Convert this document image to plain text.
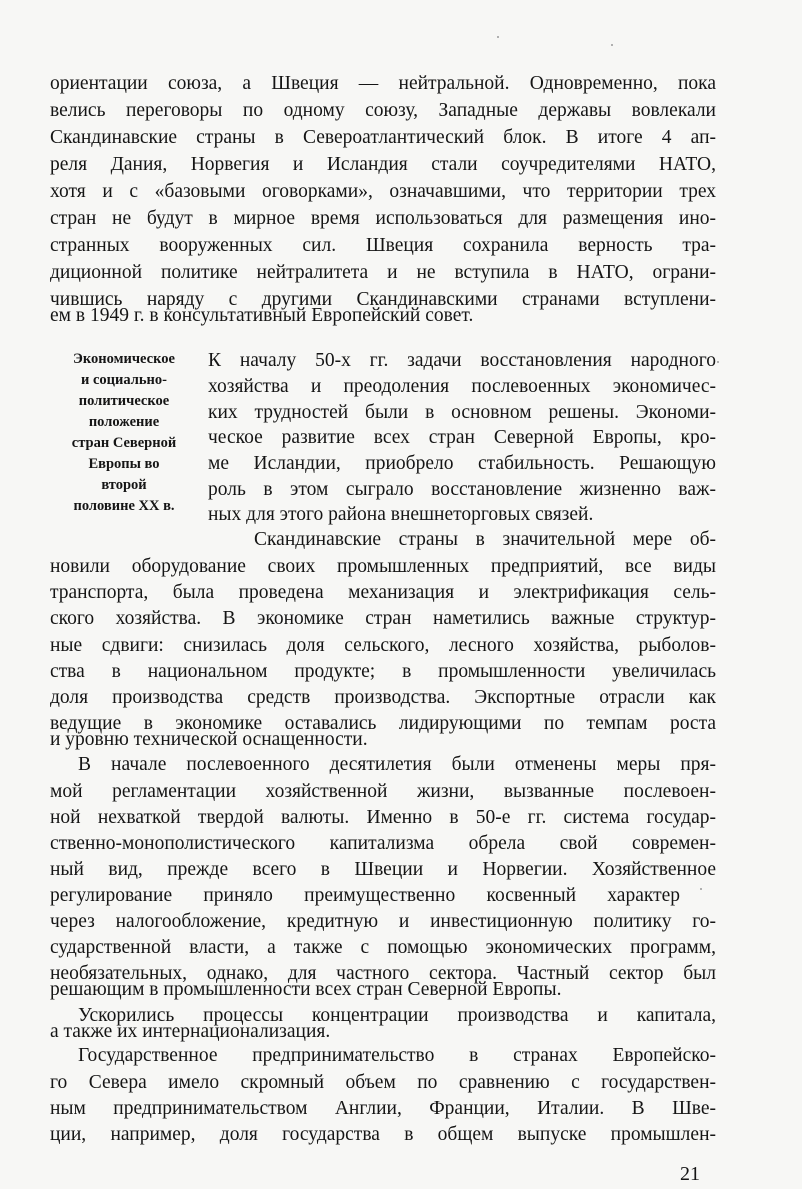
ориентации союза, а Швеция — нейтральной. Одновременно, пока
велись переговоры по одному союзу, Западные державы вовлекали
Скандинавские страны в Североатлантический блок. В итоге 4 ап-
реля Дания, Норвегия и Исландия стали соучредителями НАТО,
хотя и с «базовыми оговорками», означавшими, что территории трех
стран не будут в мирное время использоваться для размещения ино-
странных вооруженных сил. Швеция сохранила верность тра-
диционной политике нейтралитета и не вступила в НАТО, ограни-
чившись наряду с другими Скандинавскими странами вступлени-
ем в 1949 г. в консультативный Европейский совет.
Экономическое
и социально-
политическое
положение
стран Северной
Европы во
второй
половине XX в.
К началу 50-х гг. задачи восстановления народного
хозяйства и преодоления послевоенных экономичес-
ких трудностей были в основном решены. Экономи-
ческое развитие всех стран Северной Европы, кро-
ме Исландии, приобрело стабильность. Решающую
роль в этом сыграло восстановление жизненно важ-
ных для этого района внешнеторговых связей.
Скандинавские страны в значительной мере об-
новили оборудование своих промышленных предприятий, все виды
транспорта, была проведена механизация и электрификация сель-
ского хозяйства. В экономике стран наметились важные структур-
ные сдвиги: снизилась доля сельского, лесного хозяйства, рыболов-
ства в национальном продукте; в промышленности увеличилась
доля производства средств производства. Экспортные отрасли как
ведущие в экономике оставались лидирующими по темпам роста
и уровню технической оснащенности.
В начале послевоенного десятилетия были отменены меры пря-
мой регламентации хозяйственной жизни, вызванные послевоен-
ной нехваткой твердой валюты. Именно в 50-е гг. система государ-
ственно-монополистического капитализма обрела свой современ-
ный вид, прежде всего в Швеции и Норвегии. Хозяйственное
регулирование приняло преимущественно косвенный характер
через налогообложение, кредитную и инвестиционную политику го-
сударственной власти, а также с помощью экономических программ,
необязательных, однако, для частного сектора. Частный сектор был
решающим в промышленности всех стран Северной Европы.
Ускорились процессы концентрации производства и капитала,
а также их интернационализация.
Государственное предпринимательство в странах Европейско-
го Севера имело скромный объем по сравнению с государствен-
ным предпринимательством Англии, Франции, Италии. В Шве-
ции, например, доля государства в общем выпуске промышлен-
21
